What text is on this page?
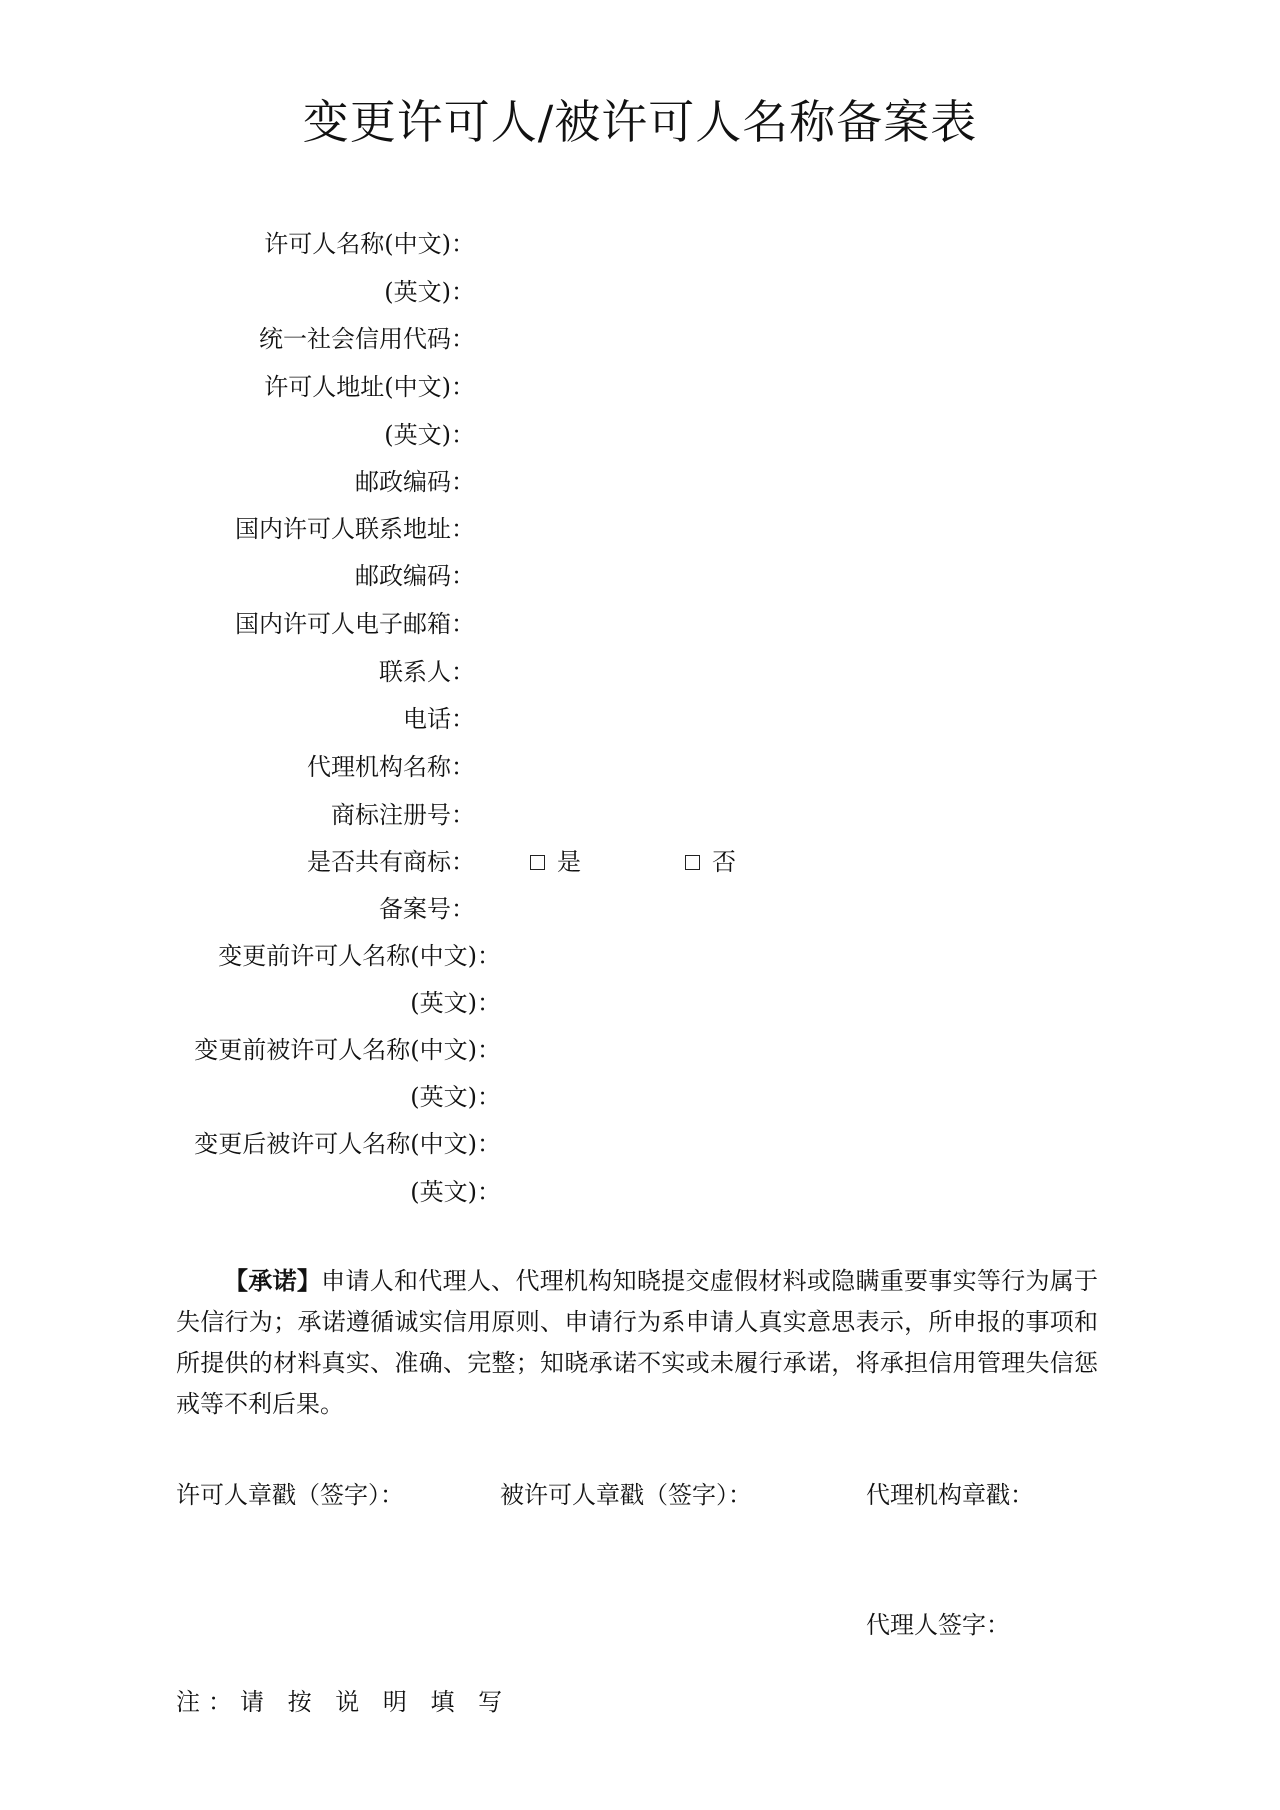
变更许可人/被许可人名称备案表
许可人名称(中文) ：
(英文) ：
统一社会信用代码 ：
许可人地址(中文) ：
(英文) ：
邮政编码 ：
国内许可人联系地址 ：
邮政编码 ：
国内许可人电子邮箱 ：
联系人 ：
电话 ：
代理机构名称 ：
商标注册号 ：
是否共有商标 ：	是	否
备案号 ：
变更前许可人名称(中文) ：
(英文) ：
变更前被许可人名称(中文) ：
(英文) ：
变更后被许可人名称(中文) ：
(英文) ：
【承诺】申请人和代理人、代理机构知晓提交虚假材料或隐瞒重要事实等行为属于失信行为；承诺遵循诚实信用原则、申请行为系申请人真实意思表示，所申报的事项和所提供的材料真实、准确、完整；知晓承诺不实或未履行承诺，将承担信用管理失信惩戒等不利后果。
许可人章戳（签字）：	被许可人章戳（签字）：	代理机构章戳：
代理人签字：
注：请 按 说 明 填 写
